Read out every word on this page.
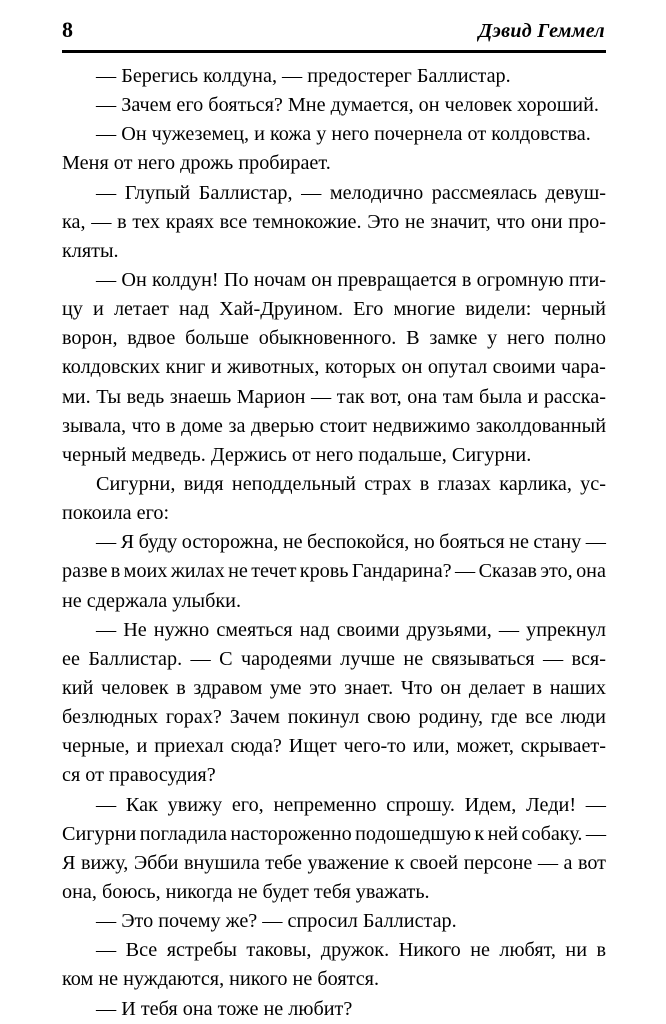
8	Дэвид Геммел
— Берегись колдуна, — предостерег Баллистар.
— Зачем его бояться? Мне думается, он человек хороший.
— Он чужеземец, и кожа у него почернела от колдовства.
Меня от него дрожь пробирает.
— Глупый Баллистар, — мелодично рассмеялась девуш-
ка, — в тех краях все темнокожие. Это не значит, что они про-
кляты.
— Он колдун! По ночам он превращается в огромную пти-
цу и летает над Хай-Друином. Его многие видели: черный
ворон, вдвое больше обыкновенного. В замке у него полно
колдовских книг и животных, которых он опутал своими чара-
ми. Ты ведь знаешь Марион — так вот, она там была и расска-
зывала, что в доме за дверью стоит недвижимо заколдованный
черный медведь. Держись от него подальше, Сигурни.
Сигурни, видя неподдельный страх в глазах карлика, ус-
покоила его:
— Я буду осторожна, не беспокойся, но бояться не стану —
разве в моих жилах не течет кровь Гандарина? — Сказав это, она
не сдержала улыбки.
— Не нужно смеяться над своими друзьями, — упрекнул
ее Баллистар. — С чародеями лучше не связываться — вся-
кий человек в здравом уме это знает. Что он делает в наших
безлюдных горах? Зачем покинул свою родину, где все люди
черные, и приехал сюда? Ищет чего-то или, может, скрывает-
ся от правосудия?
— Как увижу его, непременно спрошу. Идем, Леди! —
Сигурни погладила настороженно подошедшую к ней собаку. —
Я вижу, Эбби внушила тебе уважение к своей персоне — а вот
она, боюсь, никогда не будет тебя уважать.
— Это почему же? — спросил Баллистар.
— Все ястребы таковы, дружок. Никого не любят, ни в
ком не нуждаются, никого не боятся.
— И тебя она тоже не любит?
